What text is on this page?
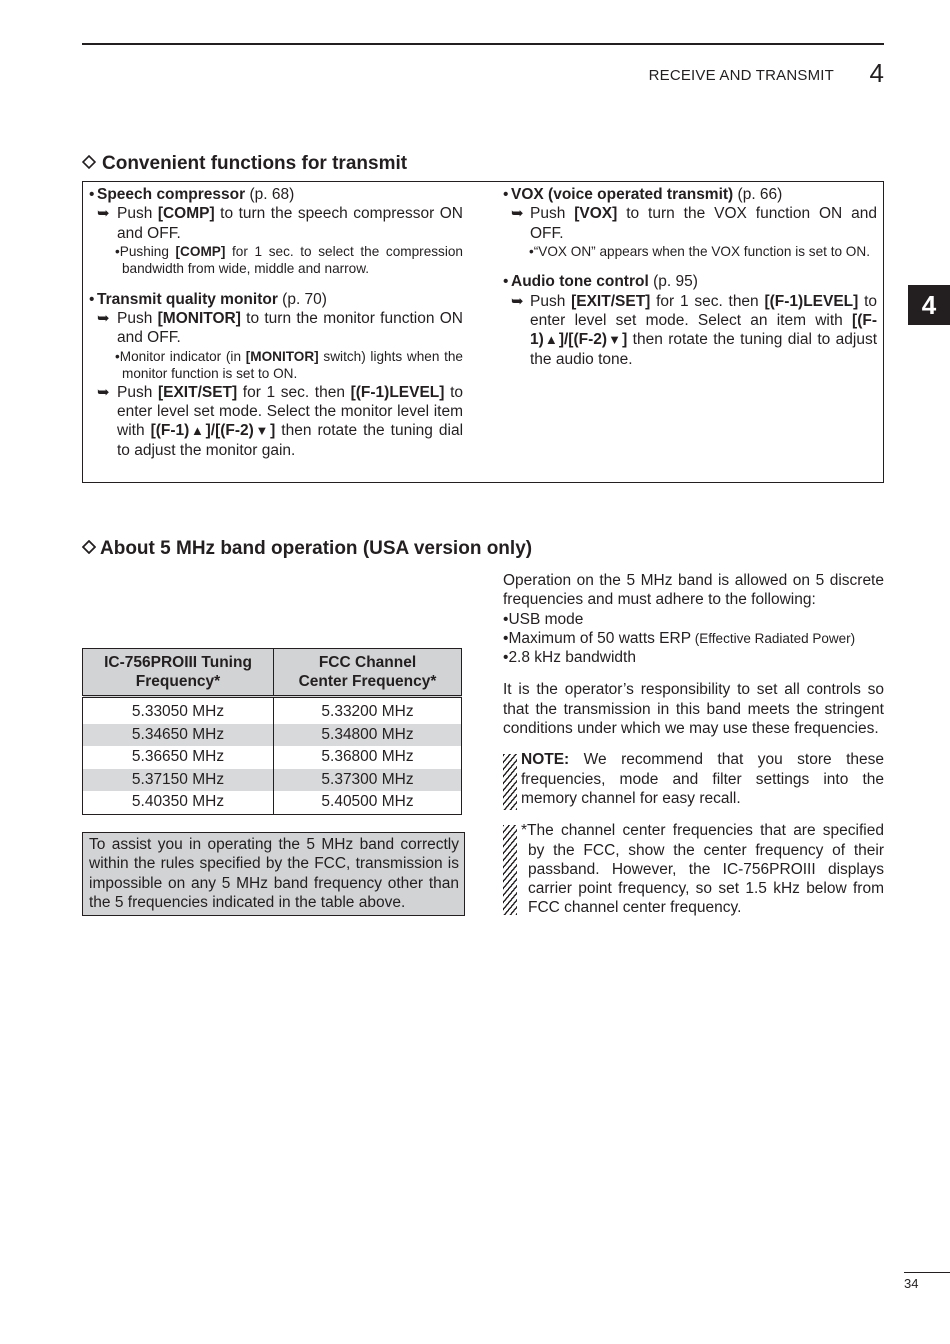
RECEIVE AND TRANSMIT 4
4
Convenient functions for transmit

• Speech compressor (p. 68)

➥ Push [COMP] to turn the speech compressor ON and OFF.

•Pushing [COMP] for 1 sec. to select the compression bandwidth from wide, middle and narrow.

• Transmit quality monitor (p. 70)

➥ Push [MONITOR] to turn the monitor function ON and OFF.

•Monitor indicator (in [MONITOR] switch) lights when the monitor function is set to ON.

➥ Push [EXIT/SET] for 1 sec. then [(F-1)LEVEL] to enter level set mode. Select the monitor level item with [(F-1)▲]/[(F-2)▼] then rotate the tuning dial to adjust the monitor gain.

• VOX (voice operated transmit) (p. 66)

➥ Push [VOX] to turn the VOX function ON and OFF.

•“VOX ON” appears when the VOX function is set to ON.

• Audio tone control (p. 95)

➥ Push [EXIT/SET] for 1 sec. then [(F-1)LEVEL] to enter level set mode. Select an item with [(F-1)▲]/[(F-2)▼] then rotate the tuning dial to adjust the audio tone.

About 5 MHz band operation (USA version only)
IC-756PROIII Tuning
Frequency*	FCC Channel
Center Frequency*
5.33050 MHz	5.33200 MHz
5.34650 MHz	5.34800 MHz
5.36650 MHz	5.36800 MHz
5.37150 MHz	5.37300 MHz
5.40350 MHz	5.40500 MHz
To assist you in operating the 5 MHz band correctly within the rules specified by the FCC, transmission is impossible on any 5 MHz band frequency other than the 5 frequencies indicated in the table above.

Operation on the 5 MHz band is allowed on 5 discrete frequencies and must adhere to the following:

•USB mode

•Maximum of 50 watts ERP (Effective Radiated Power)

•2.8 kHz bandwidth

It is the operator’s responsibility to set all controls so that the transmission in this band meets the stringent conditions under which we may use these frequencies.

NOTE: We recommend that you store these frequencies, mode and filter settings into the memory channel for easy recall.

*The channel center frequencies that are specified by the FCC, show the center frequency of their passband. However, the IC-756PROIII displays carrier point frequency, so set 1.5 kHz below from FCC channel center frequency.

34
